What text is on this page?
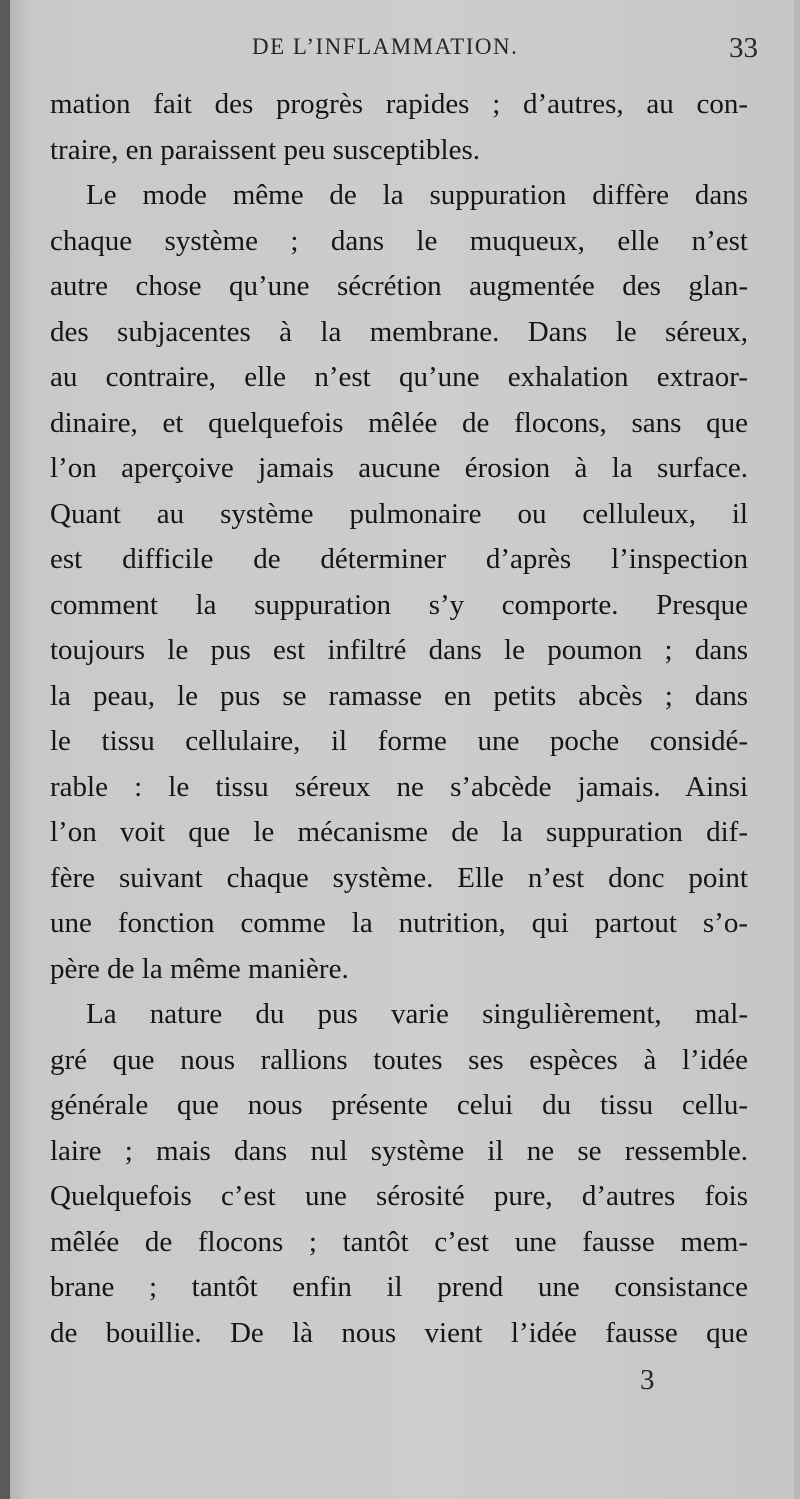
DE L’INFLAMMATION.	33
mation fait des progrès rapides ; d’autres, au con-
traire, en paraissent peu susceptibles.
Le mode même de la suppuration diffère dans
chaque système ; dans le muqueux, elle n’est
autre chose qu’une sécrétion augmentée des glan-
des subjacentes à la membrane. Dans le séreux,
au contraire, elle n’est qu’une exhalation extraor-
dinaire, et quelquefois mêlée de flocons, sans que
l’on aperçoive jamais aucune érosion à la surface.
Quant au système pulmonaire ou celluleux, il
est difficile de déterminer d’après l’inspection
comment la suppuration s’y comporte. Presque
toujours le pus est infiltré dans le poumon ; dans
la peau, le pus se ramasse en petits abcès ; dans
le tissu cellulaire, il forme une poche considé-
rable : le tissu séreux ne s’abcède jamais. Ainsi
l’on voit que le mécanisme de la suppuration dif-
fère suivant chaque système. Elle n’est donc point
une fonction comme la nutrition, qui partout s’o-
père de la même manière.
La nature du pus varie singulièrement, mal-
gré que nous rallions toutes ses espèces à l’idée
générale que nous présente celui du tissu cellu-
laire ; mais dans nul système il ne se ressemble.
Quelquefois c’est une sérosité pure, d’autres fois
mêlée de flocons ; tantôt c’est une fausse mem-
brane ; tantôt enfin il prend une consistance
de bouillie. De là nous vient l’idée fausse que
3
